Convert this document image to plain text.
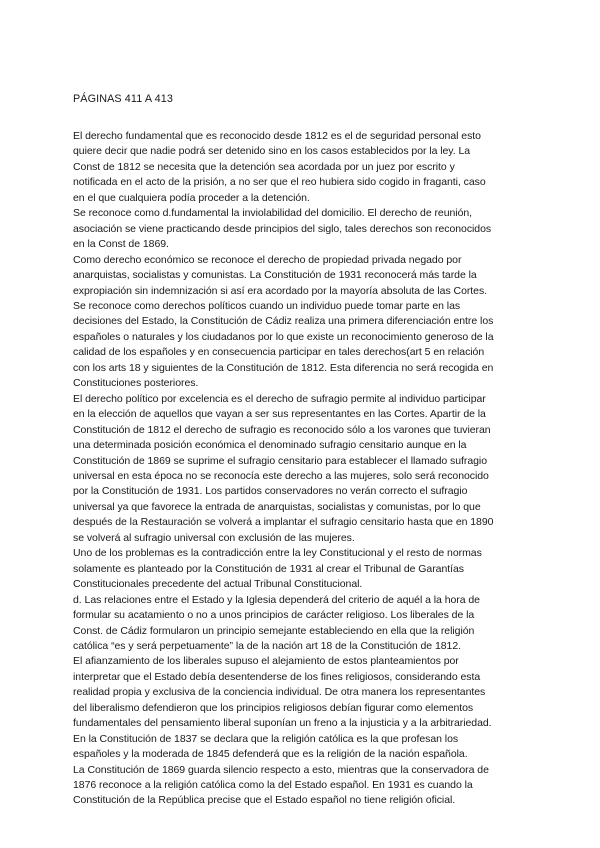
PÁGINAS 411 A 413
El derecho fundamental que es reconocido desde 1812 es el de seguridad personal esto
quiere decir que nadie podrá ser detenido sino en los casos establecidos por la ley. La
Const de 1812 se necesita que la detención sea acordada por un juez por escrito y
notificada en el acto de la prisión, a no ser que el reo hubiera sido cogido in fraganti, caso
en el que cualquiera podía proceder a la detención.
Se reconoce como d.fundamental la inviolabilidad del domicilio. El derecho de reunión,
asociación se viene practicando desde principios del siglo, tales derechos son reconocidos
en la Const de 1869.
Como derecho económico se reconoce el derecho de propiedad privada negado por
anarquistas, socialistas y comunistas. La Constitución de 1931 reconocerá más tarde la
expropiación sin indemnización si así era acordado por la mayoría absoluta de las Cortes.
Se reconoce como derechos políticos cuando un individuo puede tomar parte en las
decisiones del Estado, la Constitución de Cádiz realiza una primera diferenciación entre los
españoles o naturales y los ciudadanos por lo que existe un reconocimiento generoso de la
calidad de los españoles y en consecuencia participar en tales derechos(art 5 en relación
con los arts 18 y siguientes de la Constitución de 1812. Esta diferencia no será recogida en
Constituciones posteriores.
El derecho político por excelencia es el derecho de sufragio permite al individuo participar
en la elección de aquellos que vayan a ser sus representantes en las Cortes. Apartir de la
Constitución de 1812 el derecho de sufragio es reconocido sólo a los varones que tuvieran
una determinada posición económica el denominado sufragio censitario aunque en la
Constitución de 1869 se suprime el sufragio censitario para establecer el llamado sufragio
universal en esta época no se reconocía este derecho a las mujeres, solo será reconocido
por la Constitución de 1931. Los partidos conservadores no verán correcto el sufragio
universal ya que favorece la entrada de anarquistas, socialistas y comunistas, por lo que
después de la Restauración se volverá a implantar el sufragio censitario hasta que en 1890
se volverá al sufragio universal con exclusión de las mujeres.
Uno de los problemas es la contradicción entre la ley Constitucional y el resto de normas
solamente es planteado por la Constitución de 1931 al crear el Tribunal de Garantías
Constitucionales precedente del actual Tribunal Constitucional.
d. Las relaciones entre el Estado y la Iglesia dependerá del criterio de aquél a la hora de
formular su acatamiento o no a unos principios de carácter religioso. Los liberales de la
Const. de Cádiz formularon un principio semejante estableciendo en ella que la religión
católica “es y será perpetuamente” la de la nación art 18 de la Constitución de 1812.
El afianzamiento de los liberales supuso el alejamiento de estos planteamientos por
interpretar que el Estado debía desentenderse de los fines religiosos, considerando esta
realidad propia y exclusiva de la conciencia individual. De otra manera los representantes
del liberalismo defendieron que los principios religiosos debían figurar como elementos
fundamentales del pensamiento liberal suponían un freno a la injusticia y a la arbitrariedad.
En la Constitución de 1837 se declara que la religión católica es la que profesan los
españoles y la moderada de 1845 defenderá que es la religión de la nación española.
La Constitución de 1869 guarda silencio respecto a esto, mientras que la conservadora de
1876 reconoce a la religión católica como la del Estado español. En 1931 es cuando la
Constitución de la República precise que el Estado español no tiene religión oficial.
